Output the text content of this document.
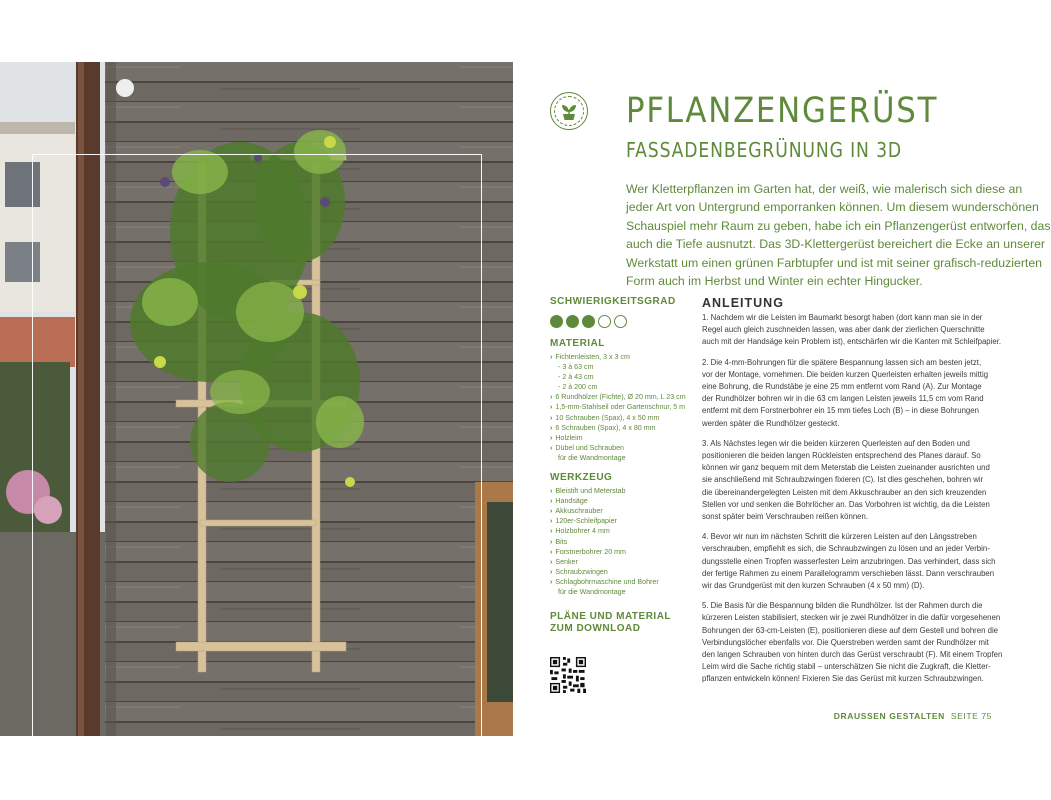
PFLANZENGERÜST
FASSADENBEGRÜNUNG IN 3D
Wer Kletterpflanzen im Garten hat, der weiß, wie malerisch sich diese an
jeder Art von Untergrund emporranken können. Um diesem wunderschönen
Schauspiel mehr Raum zu geben, habe ich ein Pflanzengerüst entworfen, das
auch die Tiefe ausnutzt. Das 3D-Klettergerüst bereichert die Ecke an unserer
Werkstatt um einen grünen Farbtupfer und ist mit seiner grafisch-reduzierten
Form auch im Herbst und Winter ein echter Hingucker.
SCHWIERIGKEITSGRAD
MATERIAL
› Fichtenleisten, 3 x 3 cm
- 3 à 63 cm
- 2 à 43 cm
- 2 à 200 cm
› 6 Rundhölzer (Fichte), Ø 20 mm, L 23 cm
› 1,5-mm-Stahlseil oder Gartenschnur, 5 m
› 10 Schrauben (Spax), 4 x 50 mm
› 6 Schrauben (Spax), 4 x 80 mm
› Holzleim
› Dübel und Schrauben
für die Wandmontage
WERKZEUG
› Bleistift und Meterstab
› Handsäge
› Akkuschrauber
› 120er-Schleifpapier
› Holzbohrer 4 mm
› Bits
› Forstnerbohrer 20 mm
› Senker
› Schraubzwingen
› Schlagbohrmaschine und Bohrer
für die Wandmontage
PLÄNE UND MATERIAL
ZUM DOWNLOAD
ANLEITUNG

1. Nachdem wir die Leisten im Baumarkt besorgt haben (dort kann man sie in der
Regel auch gleich zuschneiden lassen, was aber dank der zierlichen Querschnitte
auch mit der Handsäge kein Problem ist), entschärfen wir die Kanten mit Schleifpapier.

2. Die 4-mm-Bohrungen für die spätere Bespannung lassen sich am besten jetzt,
vor der Montage, vornehmen. Die beiden kurzen Querleisten erhalten jeweils mittig
eine Bohrung, die Rundstäbe je eine 25 mm entfernt vom Rand (A). Zur Montage
der Rundhölzer bohren wir in die 63 cm langen Leisten jeweils 11,5 cm vom Rand
entfernt mit dem Forstnerbohrer ein 15 mm tiefes Loch (B) – in diese Bohrungen
werden später die Rundhölzer gesteckt.

3. Als Nächstes legen wir die beiden kürzeren Querleisten auf den Boden und
positionieren die beiden langen Rückleisten entsprechend des Planes darauf. So
können wir ganz bequem mit dem Meterstab die Leisten zueinander ausrichten und
sie anschließend mit Schraubzwingen fixieren (C). Ist dies geschehen, bohren wir
die übereinandergelegten Leisten mit dem Akkuschrauber an den sich kreuzenden
Stellen vor und senken die Bohrlöcher an. Das Vorbohren ist wichtig, da die Leisten
sonst später beim Verschrauben reißen können.

4. Bevor wir nun im nächsten Schritt die kürzeren Leisten auf den Längsstreben
verschrauben, empfiehlt es sich, die Schraubzwingen zu lösen und an jeder Verbin-
dungsstelle einen Tropfen wasserfesten Leim anzubringen. Das verhindert, dass sich
der fertige Rahmen zu einem Parallelogramm verschieben lässt. Dann verschrauben
wir das Grundgerüst mit den kurzen Schrauben (4 x 50 mm) (D).

5. Die Basis für die Bespannung bilden die Rundhölzer. Ist der Rahmen durch die
kürzeren Leisten stabilisiert, stecken wir je zwei Rundhölzer in die dafür vorgesehenen
Bohrungen der 63-cm-Leisten (E), positionieren diese auf dem Gestell und bohren die
Verbindungslöcher ebenfalls vor. Die Querstreben werden samt der Rundhölzer mit
den langen Schrauben von hinten durch das Gerüst verschraubt (F). Mit einem Tropfen
Leim wird die Sache richtig stabil – unterschätzen Sie nicht die Zugkraft, die Kletter-
pflanzen entwickeln können! Fixieren Sie das Gerüst mit kurzen Schraubzwingen.

DRAUSSEN GESTALTEN SEITE 75
